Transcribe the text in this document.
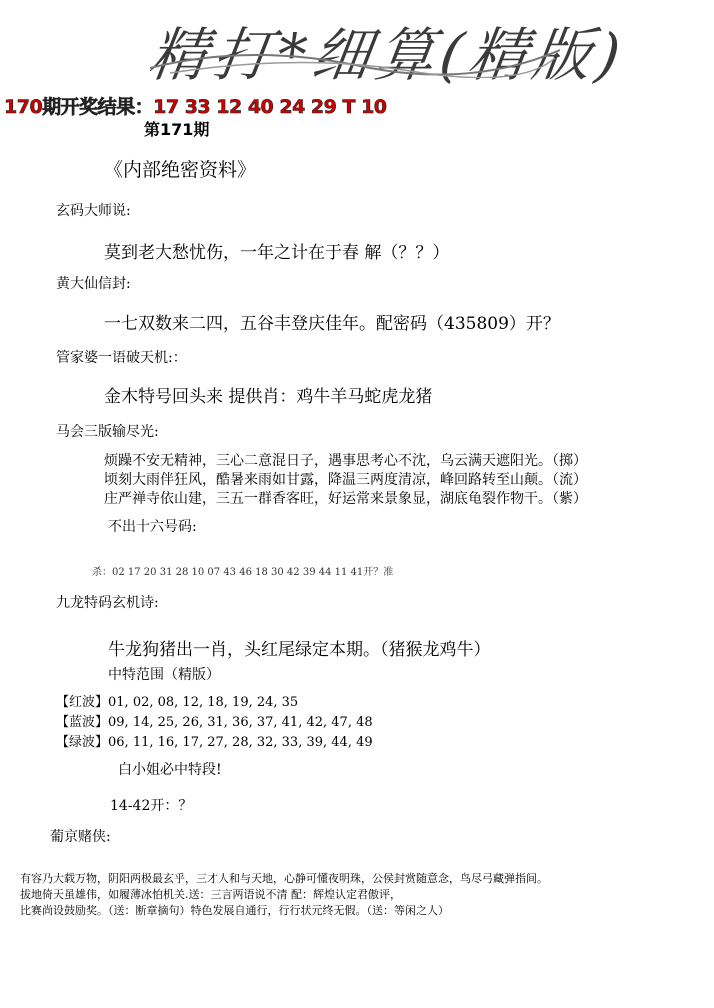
精打*细算(精版)
170期开奖结果：17 33 12 40 24 29 T 10
第171期
《内部绝密资料》
玄码大师说:
莫到老大愁忧伤，一年之计在于春 解（？？）
黄大仙信封:
一七双数来二四，五谷丰登庆佳年。配密码（435809）开？
管家婆一语破天机:：
金木特号回头来 提供肖：鸡牛羊马蛇虎龙猪
马会三版输尽光:
烦躁不安无精神，三心二意混日子，遇事思考心不沈，乌云满天遮阳光。（掷）
顷刻大雨伴狂风，酷暑来雨如甘露，降温三两度清凉，峰回路转至山颠。（流）
庄严禅寺依山建，三五一群香客旺，好运常来景象显，湖底龟裂作物干。（紫）
不出十六号码:
杀：02 17 20 31 28 10 07 43 46 18 30 42 39 44 11 41开？准
九龙特码玄机诗:
牛龙狗猪出一肖，头红尾绿定本期。（猪猴龙鸡牛）
中特范围（精版）
【红波】01, 02, 08, 12, 18, 19, 24, 35
【蓝波】09, 14, 25, 26, 31, 36, 37, 41, 42, 47, 48
【绿波】06, 11, 16, 17, 27, 28, 32, 33, 39, 44, 49
白小姐必中特段!
14-42开：？
葡京赌侠:
有容乃大载万物，阴阳两极最玄乎，三才人和与天地，心静可懂夜明珠，公侯封赏随意念，鸟尽弓藏弹指间。
拔地倚天虽雄伟，如履薄冰怕机关.送：三言两语说不清 配：辉煌认定君傲评，
比赛尚设鼓励奖。（送：断章摘句）特色发展自通行，行行状元终无假。（送：等闲之人）
